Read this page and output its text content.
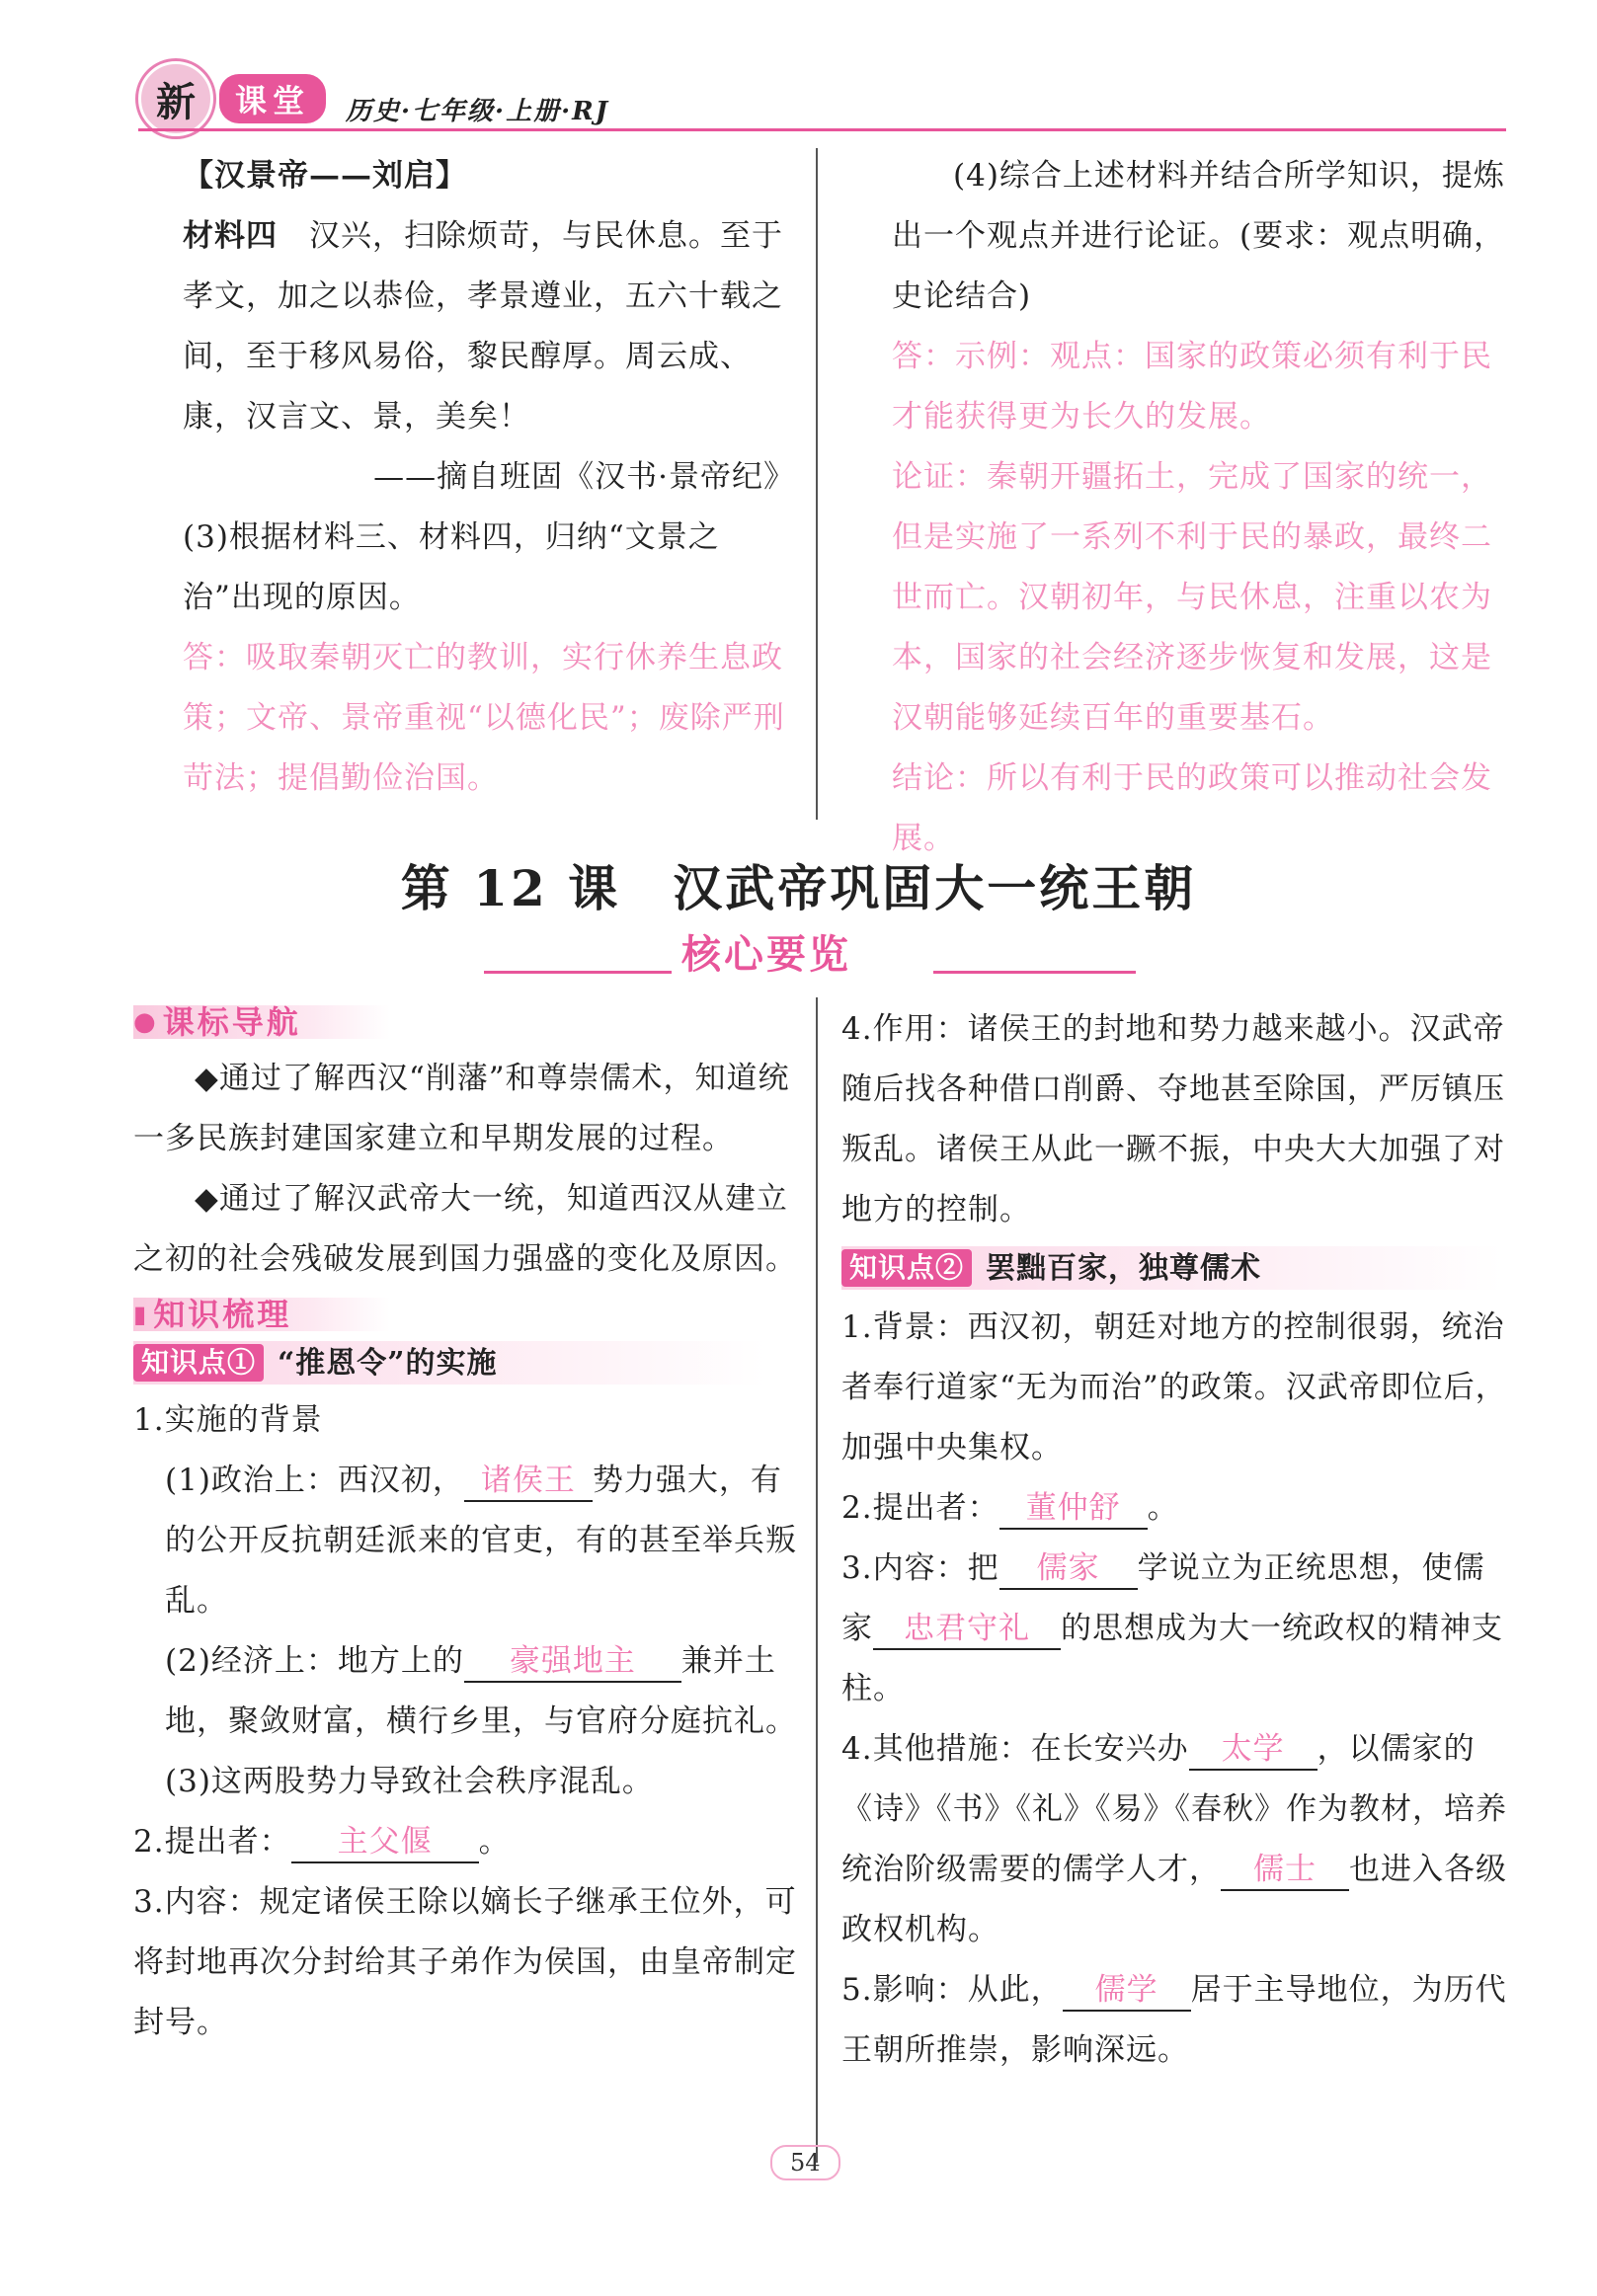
新	课堂	历史·七年级·上册·RJ

【汉景帝——刘启】

材料四　 汉兴，扫除烦苛，与民休息。至于孝文，加之以恭俭，孝景遵业，五六十载之间，至于移风易俗，黎民醇厚。周云成、康，汉言文、景，美矣！

——摘自班固《汉书·景帝纪》

(3)根据材料三、材料四，归纳“文景之治”出现的原因。

答：吸取秦朝灭亡的教训，实行休养生息政策；文帝、景帝重视“以德化民”；废除严刑苛法；提倡勤俭治国。

(4)综合上述材料并结合所学知识，提炼出一个观点并进行论证。(要求：观点明确，史论结合)

答：示例：观点：国家的政策必须有利于民才能获得更为长久的发展。

论证：秦朝开疆拓土，完成了国家的统一，但是实施了一系列不利于民的暴政，最终二世而亡。汉朝初年，与民休息，注重以农为本，国家的社会经济逐步恢复和发展，这是汉朝能够延续百年的重要基石。

结论：所以有利于民的政策可以推动社会发展。

第 12 课　汉武帝巩固大一统王朝
核心要览
● 课标导航

◆通过了解西汉“削藩”和尊崇儒术，知道统一多民族封建国家建立和早期发展的过程。

◆通过了解汉武帝大一统，知道西汉从建立之初的社会残破发展到国力强盛的变化及原因。

▮ 知识梳理
知识点① “推恩令”的实施

1.实施的背景

(1)政治上：西汉初， 诸侯王 势力强大，有的公开反抗朝廷派来的官吏，有的甚至举兵叛乱。

(2)经济上：地方上的 豪强地主 兼并土地，聚敛财富，横行乡里，与官府分庭抗礼。

(3)这两股势力导致社会秩序混乱。

2.提出者： 主父偃 。

3.内容：规定诸侯王除以嫡长子继承王位外，可将封地再次分封给其子弟作为侯国，由皇帝制定封号。

4.作用：诸侯王的封地和势力越来越小。汉武帝随后找各种借口削爵、夺地甚至除国，严厉镇压叛乱。诸侯王从此一蹶不振，中央大大加强了对地方的控制。

知识点② 罢黜百家，独尊儒术

1.背景：西汉初，朝廷对地方的控制很弱，统治者奉行道家“无为而治”的政策。汉武帝即位后，加强中央集权。

2.提出者： 董仲舒 。

3.内容：把 儒家 学说立为正统思想，使儒家 忠君守礼 的思想成为大一统政权的精神支柱。

4.其他措施：在长安兴办 太学 ，以儒家的《诗》《书》《礼》《易》《春秋》作为教材，培养统治阶级需要的儒学人才， 儒士 也进入各级政权机构。

5.影响：从此， 儒学 居于主导地位，为历代王朝所推崇，影响深远。

54
